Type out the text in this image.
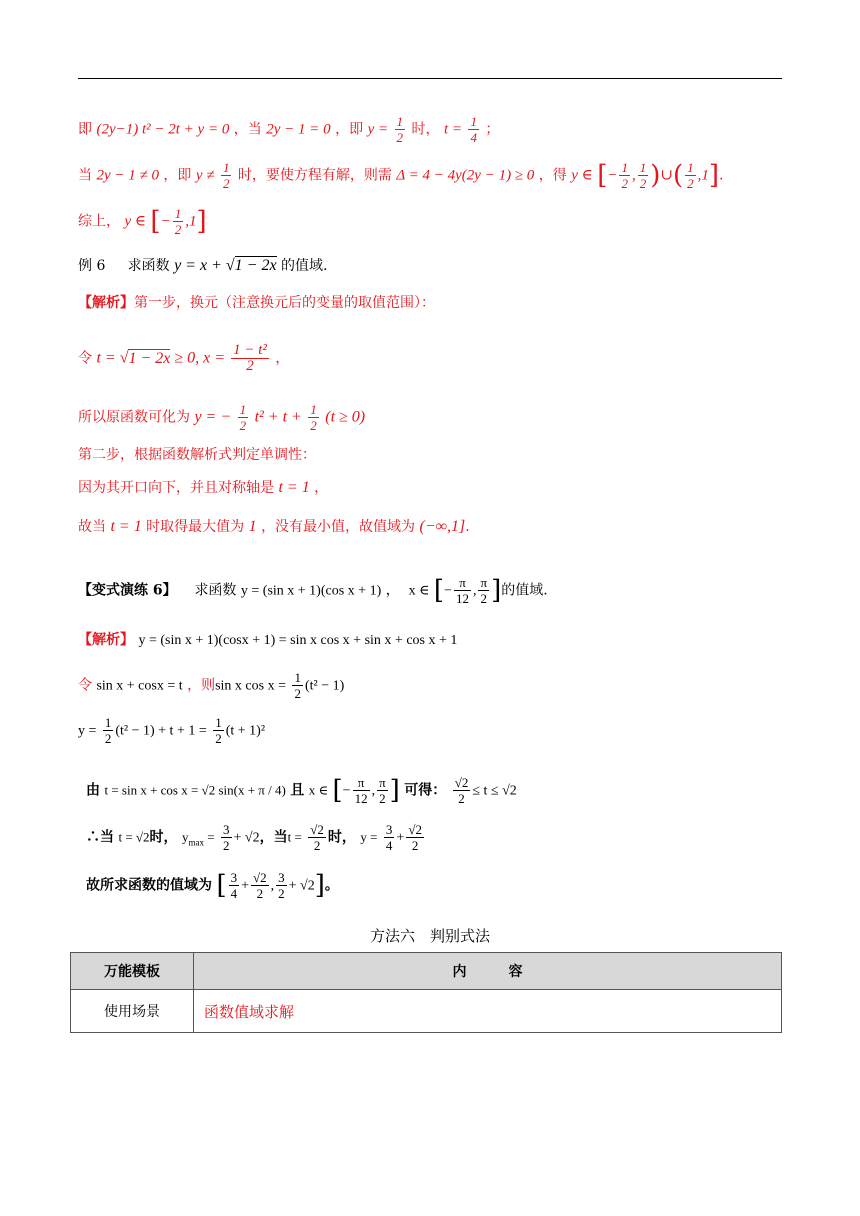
即 (2y−1) t² − 2t + y = 0 ，当 2y − 1 = 0 ，即 $y = \frac{1}{2}$ 时， $t = \frac{1}{4}$ ；
当 2y − 1 ≠ 0 ，即 $y \ne \frac{1}{2}$ 时，要使方程有解，则需 Δ = 4 − 4y(2y − 1) ≥ 0 ，得 y ∈ [− $\frac{1}{2}$ , $\frac{1}{2}$ )∪( $\frac{1}{2} ,1$].
综上， y ∈ [− $\frac{1}{2} ,1$]
例 6 求函数 y = x + √1 − 2x 的值域.
【解析】第一步，换元（注意换元后的变量的取值范围）：
令 t = √1 − 2x ≥ 0, $x = \frac{\text{1 − t²}}{2}$ ，
所以原函数可化为 y = − $\frac{1}{2} t^2 + t + \frac{1}{2} (t \ge 0)$
第二步，根据函数解析式判定单调性：
因为其开口向下，并且对称轴是 t = 1 ，
故当 t = 1 时取得最大值为 1 ，没有最小值，故值域为 (−∞,1].
【变式演练 6】 求函数 y = (sin x + 1)(cos x + 1) ， x ∈ [− $\frac{\pi}{12}$ , $\frac{\pi}{2}$ ]的值域.
【解析】 y = (sin x + 1)(cosx + 1) = sin x cos x + sin x + cos x + 1
令 sin x + cosx = t ，则sin x $\cos x = \frac{1}{2} (t^2 - 1)$
$y = \frac{1}{2} (t^2 - 1) + t + 1 = \frac{1}{2} (t + 1)^2$
由 t = sin x + cos x = √2 sin(x + π / 4) 且 x ∈ [− $\frac{\pi}{12}$ , $\frac{\pi}{2}$ ] 可得： $\frac{√2}{2} \le t \le √2$
∴当 t = √2时， $y_{max} = \frac{3}{2} + √2$，当$t = \frac{√2}{2}$ 时， $y = \frac{3}{4} + \frac{√2}{2}$
故所求函数的值域为 [ $\frac{3}{4} + \frac{√2}{2}$ , $\frac{3}{2} + √2$]。
方法六　判别式法
万能模板	内　　　容
使用场景	函数值域求解
